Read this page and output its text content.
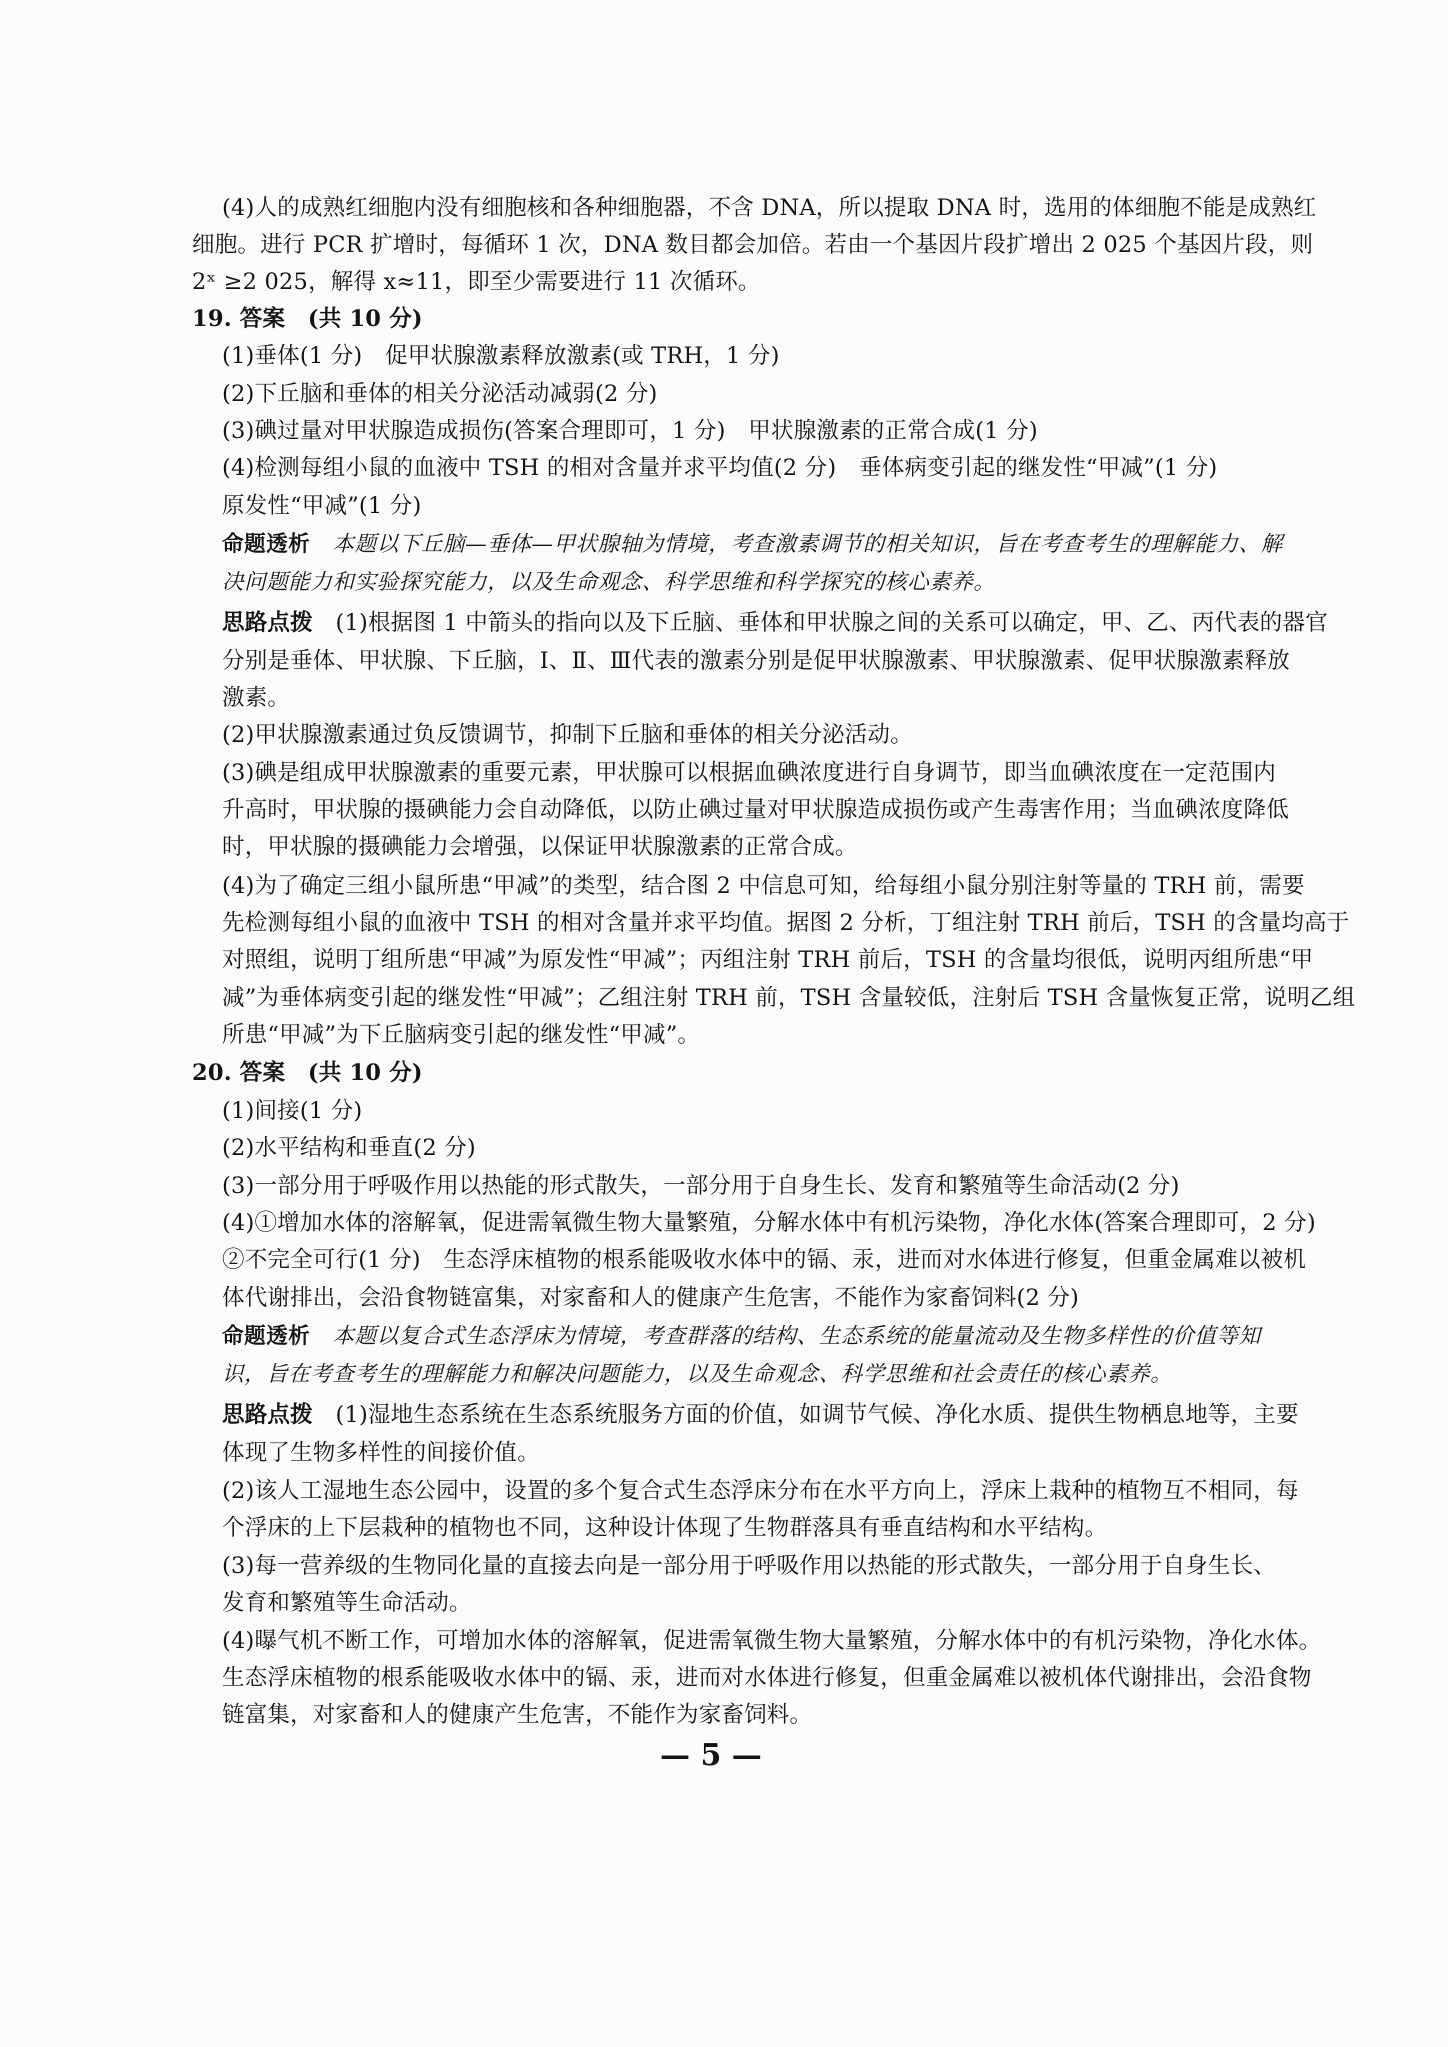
(4)人的成熟红细胞内没有细胞核和各种细胞器，不含 DNA，所以提取 DNA 时，选用的体细胞不能是成熟红
细胞。进行 PCR 扩增时，每循环 1 次，DNA 数目都会加倍。若由一个基因片段扩增出 2 025 个基因片段，则
2ˣ ≥2 025，解得 x≈11，即至少需要进行 11 次循环。
19. 答案　(共 10 分)
(1)垂体(1 分)　促甲状腺激素释放激素(或 TRH，1 分)
(2)下丘脑和垂体的相关分泌活动减弱(2 分)
(3)碘过量对甲状腺造成损伤(答案合理即可，1 分)　甲状腺激素的正常合成(1 分)
(4)检测每组小鼠的血液中 TSH 的相对含量并求平均值(2 分)　垂体病变引起的继发性“甲减”(1 分)
原发性“甲减”(1 分)
命题透析　 本题以下丘脑—垂体—甲状腺轴为情境，考查激素调节的相关知识，旨在考查考生的理解能力、解
决问题能力和实验探究能力，以及生命观念、科学思维和科学探究的核心素养。
思路点拨　 (1)根据图 1 中箭头的指向以及下丘脑、垂体和甲状腺之间的关系可以确定，甲、乙、丙代表的器官
分别是垂体、甲状腺、下丘脑，Ⅰ、Ⅱ、Ⅲ代表的激素分别是促甲状腺激素、甲状腺激素、促甲状腺激素释放
激素。
(2)甲状腺激素通过负反馈调节，抑制下丘脑和垂体的相关分泌活动。
(3)碘是组成甲状腺激素的重要元素，甲状腺可以根据血碘浓度进行自身调节，即当血碘浓度在一定范围内
升高时，甲状腺的摄碘能力会自动降低，以防止碘过量对甲状腺造成损伤或产生毒害作用；当血碘浓度降低
时，甲状腺的摄碘能力会增强，以保证甲状腺激素的正常合成。
(4)为了确定三组小鼠所患“甲减”的类型，结合图 2 中信息可知，给每组小鼠分别注射等量的 TRH 前，需要
先检测每组小鼠的血液中 TSH 的相对含量并求平均值。据图 2 分析，丁组注射 TRH 前后，TSH 的含量均高于
对照组，说明丁组所患“甲减”为原发性“甲减”；丙组注射 TRH 前后，TSH 的含量均很低，说明丙组所患“甲
减”为垂体病变引起的继发性“甲减”；乙组注射 TRH 前，TSH 含量较低，注射后 TSH 含量恢复正常，说明乙组
所患“甲减”为下丘脑病变引起的继发性“甲减”。
20. 答案　(共 10 分)
(1)间接(1 分)
(2)水平结构和垂直(2 分)
(3)一部分用于呼吸作用以热能的形式散失，一部分用于自身生长、发育和繁殖等生命活动(2 分)
(4)①增加水体的溶解氧，促进需氧微生物大量繁殖，分解水体中有机污染物，净化水体(答案合理即可，2 分)
②不完全可行(1 分)　生态浮床植物的根系能吸收水体中的镉、汞，进而对水体进行修复，但重金属难以被机
体代谢排出，会沿食物链富集，对家畜和人的健康产生危害，不能作为家畜饲料(2 分)
命题透析　 本题以复合式生态浮床为情境，考查群落的结构、生态系统的能量流动及生物多样性的价值等知
识，旨在考查考生的理解能力和解决问题能力，以及生命观念、科学思维和社会责任的核心素养。
思路点拨　 (1)湿地生态系统在生态系统服务方面的价值，如调节气候、净化水质、提供生物栖息地等，主要
体现了生物多样性的间接价值。
(2)该人工湿地生态公园中，设置的多个复合式生态浮床分布在水平方向上，浮床上栽种的植物互不相同，每
个浮床的上下层栽种的植物也不同，这种设计体现了生物群落具有垂直结构和水平结构。
(3)每一营养级的生物同化量的直接去向是一部分用于呼吸作用以热能的形式散失，一部分用于自身生长、
发育和繁殖等生命活动。
(4)曝气机不断工作，可增加水体的溶解氧，促进需氧微生物大量繁殖，分解水体中的有机污染物，净化水体。
生态浮床植物的根系能吸收水体中的镉、汞，进而对水体进行修复，但重金属难以被机体代谢排出，会沿食物
链富集，对家畜和人的健康产生危害，不能作为家畜饲料。
— 5 —
